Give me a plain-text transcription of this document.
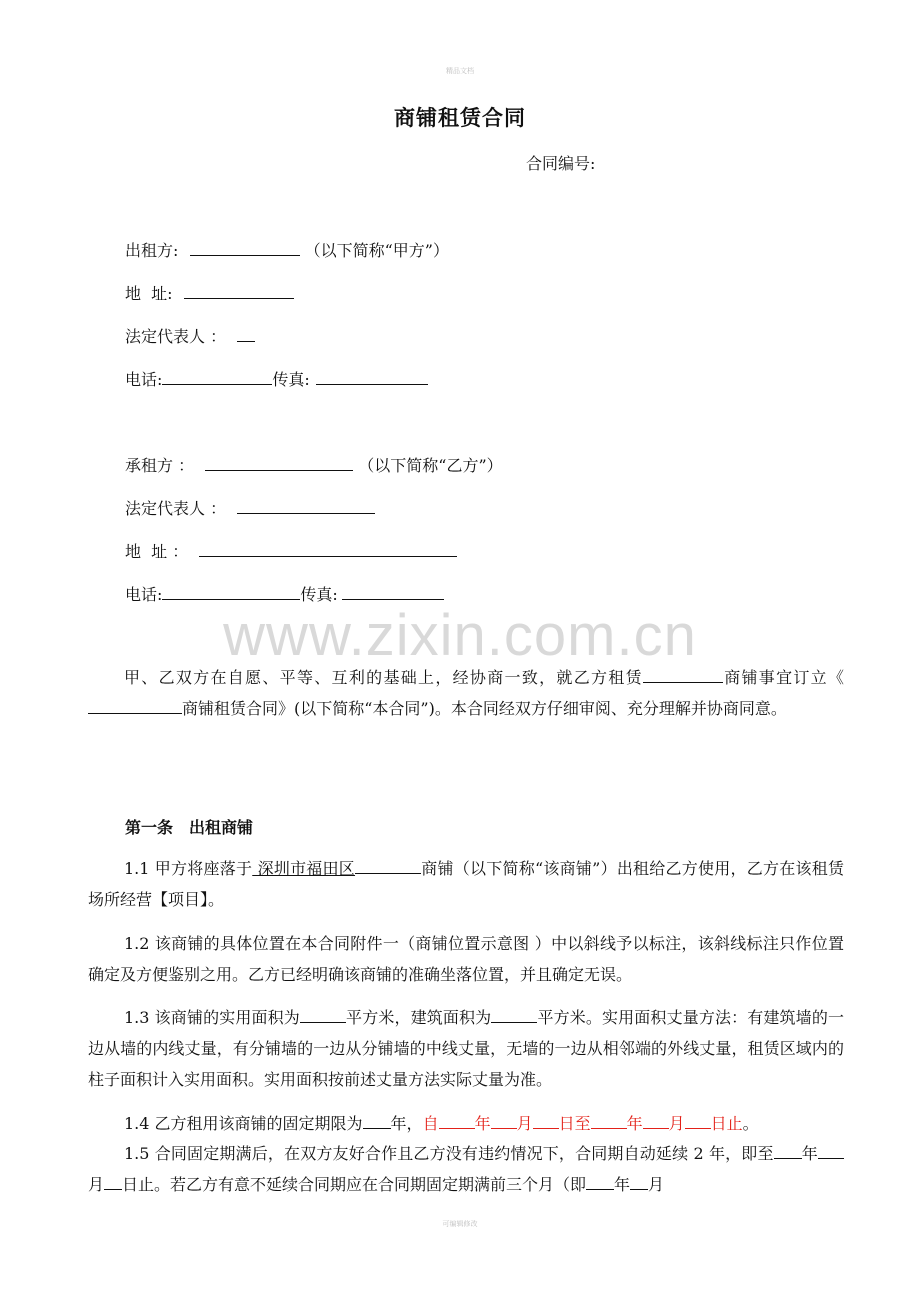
精品文档
www.zixin.com.cn
商铺租赁合同
合同编号:
出租方:	（以下简称“甲方”）
地  址:
法定代表人 ：
电话:	传真:
承租方 ：	（以下简称“乙方”）
法定代表人 ：
地  址 ：
电话:	传真:
甲、乙双方在自愿、平等、互利的基础上，经协商一致，就乙方租赁	商铺事宜订立《商铺租赁合同》(以下简称“本合同”)。本合同经双方仔细审阅、充分理解并协商同意。
第一条　出租商铺
1.1 甲方将座落于 深圳市福田区	商铺（以下简称“该商铺”）出租给乙方使用，乙方在该租赁场所经营【项目】。
1.2 该商铺的具体位置在本合同附件一（商铺位置示意图 ）中以斜线予以标注，该斜线标注只作位置确定及方便鉴别之用。乙方已经明确该商铺的准确坐落位置，并且确定无误。
1.3 该商铺的实用面积为	平方米，建筑面积为	平方米。实用面积丈量方法：有建筑墙的一边从墙的内线丈量，有分铺墙的一边从分铺墙的中线丈量，无墙的一边从相邻端的外线丈量，租赁区域内的柱子面积计入实用面积。实用面积按前述丈量方法实际丈量为准。
1.4 乙方租用该商铺的固定期限为 年，自 年 月 日至 年 月 日止。
1.5 合同固定期满后，在双方友好合作且乙方没有违约情况下，合同期自动延续 2 年，即至 年月 日止。若乙方有意不延续合同期应在合同期固定期满前三个月（即 年 月
可编辑修改
